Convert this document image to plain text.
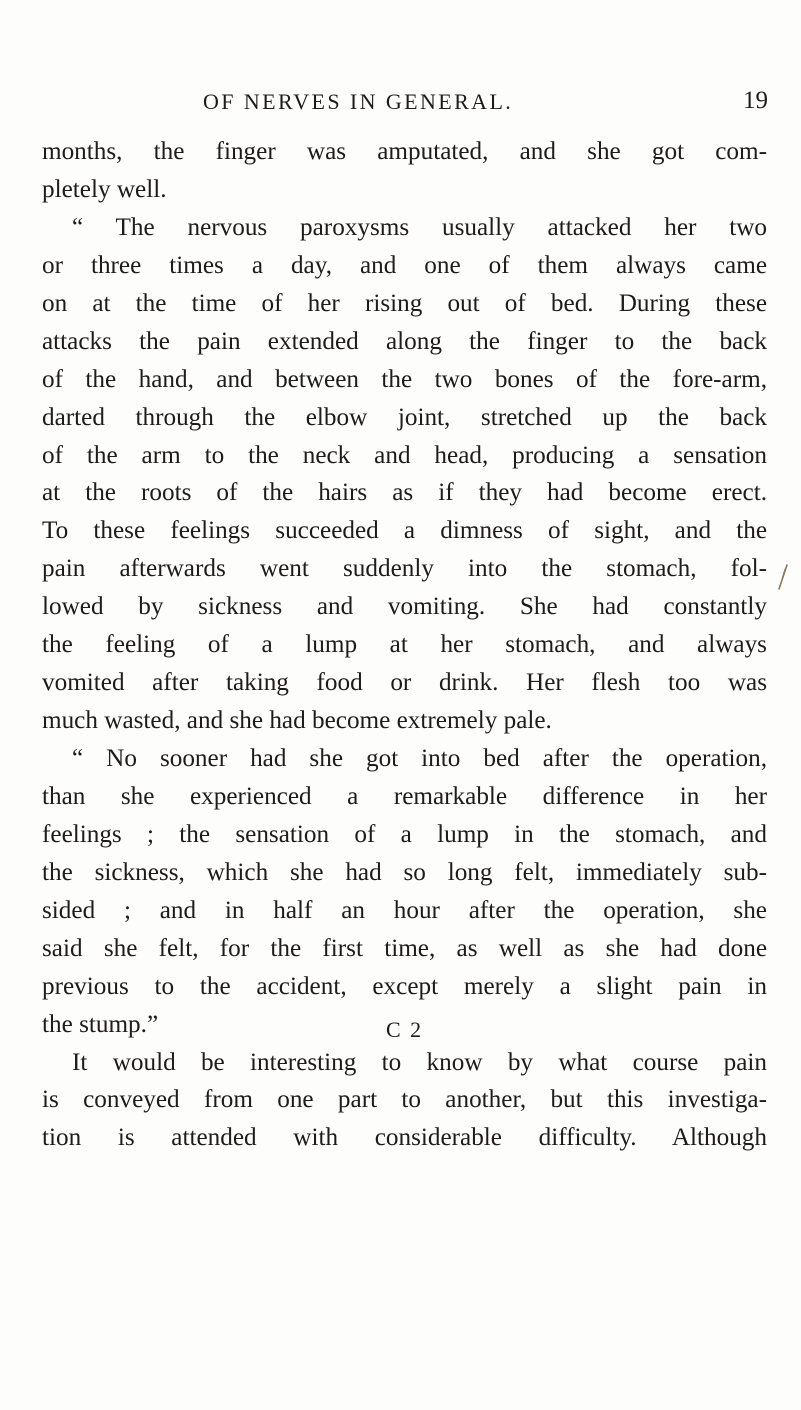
OF NERVES IN GENERAL.	19
months, the finger was amputated, and she got com-
pletely well.
“ The nervous paroxysms usually attacked her two
or three times a day, and one of them always came
on at the time of her rising out of bed. During these
attacks the pain extended along the finger to the back
of the hand, and between the two bones of the fore-arm,
darted through the elbow joint, stretched up the back
of the arm to the neck and head, producing a sensation
at the roots of the hairs as if they had become erect.
To these feelings succeeded a dimness of sight, and the
pain afterwards went suddenly into the stomach, fol-
lowed by sickness and vomiting. She had constantly
the feeling of a lump at her stomach, and always
vomited after taking food or drink. Her flesh too was
much wasted, and she had become extremely pale.
“ No sooner had she got into bed after the operation,
than she experienced a remarkable difference in her
feelings ; the sensation of a lump in the stomach, and
the sickness, which she had so long felt, immediately sub-
sided ; and in half an hour after the operation, she
said she felt, for the first time, as well as she had done
previous to the accident, except merely a slight pain in
the stump.”
It would be interesting to know by what course pain
is conveyed from one part to another, but this investiga-
tion is attended with considerable difficulty. Although
C 2
